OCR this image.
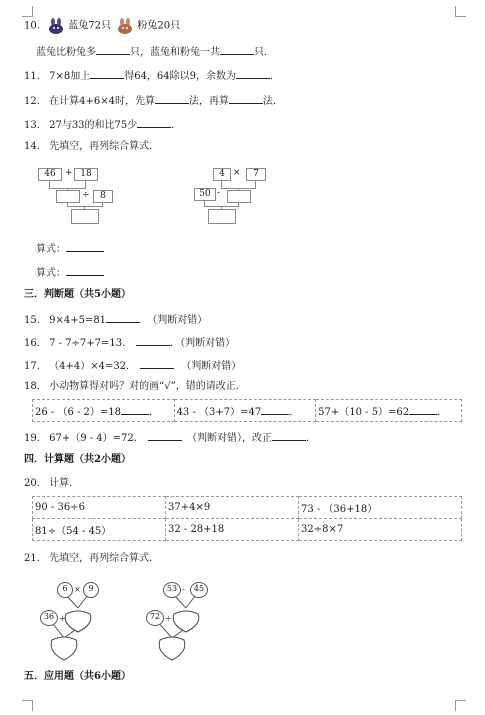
10.	蓝兔72只	粉兔20只
蓝兔比粉兔多	只，蓝兔和粉兔一共	只．
11. 7×8加上	得64，64除以9，余数为	．
12. 在计算4+6×4时，先算	法，再算	法．
13. 27与33的和比75少	．
14. 先填空，再列综合算式．
46	+ 18
÷	8
4 ×	7
50 -
算式：
算式：
三．判断题（共5小题）
15. 9×4+5=81	（判断对错）
16. 7 - 7÷7+7=13．	．（判断对错）
17. （4+4）×4=32．	（判断对错）
18. 小动物算得对吗？对的画“√”，错的请改正．
26 - （6 - 2）=18	．	43 - （3+7）=47	．	57+（10 - 5）=62	．
19. 67+（9 - 4）=72．	（判断对错），改正	．
四．计算题（共2小题）
20. 计算．
90 - 36÷6	37+4×9	73 - （36+18）
81÷（54 - 45）	32 - 28+18	32÷8×7
21. 先填空，再列综合算式．
6 × 9
36 +
53 -	45
72 ÷
五．应用题（共6小题）
